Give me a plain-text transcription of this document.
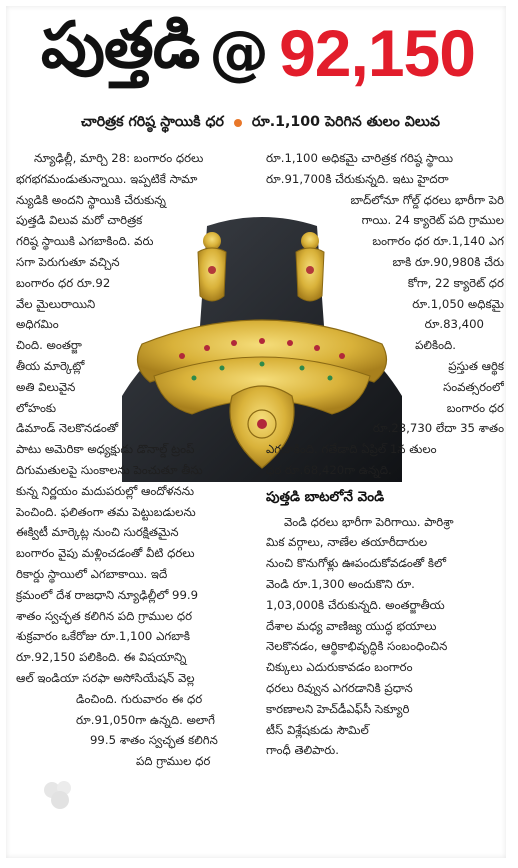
పుత్తడి @ 92,150
చారిత్రక గరిష్ఠ స్థాయికి ధర రూ.1,100 పెరిగిన తులం విలువ
న్యూఢిల్లీ, మార్చి 28: బంగారం ధరలు
భగభగమండుతున్నాయి. ఇప్పటికే సామా
న్యుడికి అందని స్థాయికి చేరుకున్న
పుత్తడి విలువ మరో చారిత్రక
గరిష్ఠ స్థాయికి ఎగబాకింది. వరు
సగా పెరుగుతూ వచ్చిన
బంగారం ధర రూ.92
వేల మైలురాయిని
అధిగమిం
చింది. అంతర్జా
తీయ మార్కెట్లో
అతి విలువైన
లోహంకు
డిమాండ్ నెలకొనడంతో
పాటు అమెరికా అధ్యక్షుడు డొనాల్డ్ ట్రంప్
దిగుమతులపై సుంకాలను పెంచుతూ తీసు
కున్న నిర్ణయం మదుపరుల్లో ఆందోళనను
పెంచింది. ఫలితంగా తమ పెట్టుబడులను
ఈక్విటీ మార్కెట్ల నుంచి సురక్షితమైన
బంగారం వైపు మళ్లించడంతో వీటి ధరలు
రికార్డు స్థాయిలో ఎగబాకాయి. ఇదే
క్రమంలో దేశ రాజధాని న్యూఢిల్లీలో 99.9
శాతం స్వచ్ఛత కలిగిన పది గ్రాముల ధర
శుక్రవారం ఒకేరోజు రూ.1,100 ఎగబాకి
రూ.92,150 పలికింది. ఈ విషయాన్ని
ఆల్ ఇండియా సరఫా అసోసియేషన్ వెల్ల
డించింది. గురువారం ఈ ధర
రూ.91,050గా ఉన్నది. అలాగే
99.5 శాతం స్వచ్ఛత కలిగిన
పది గ్రాముల ధర
రూ.1,100 అధికమై చారిత్రక గరిష్ఠ స్థాయి
రూ.91,700కి చేరుకున్నది. ఇటు హైదరా
బాద్‌లోనూ గోల్డ్ ధరలు భారీగా పెరి
గాయి. 24 క్యారెట్ పది గ్రాముల
బంగారం ధర రూ.1,140 ఎగ
బాకి రూ.90,980కి చేరు
కోగా, 22 క్యారెట్ ధర
రూ.1,050 అధికమై
రూ.83,400
పలికింది.
ప్రస్తుత ఆర్థిక
సంవత్సరంలో
బంగారం ధర
రూ.23,730 లేదా 35 శాతం
ఎగబాకింది. గతేడాది ఏప్రిల్ 1న తులం
ధర రూ.68,420గా ఉన్నది.
పుత్తడి బాటలోనే వెండి
వెండి ధరలు భారీగా పెరిగాయి. పారిశ్రా
మిక వర్గాలు, నాణేల తయారీదారుల
నుంచి కొనుగోళ్లు ఊపందుకోవడంతో కిలో
వెండి రూ.1,300 అందుకొని రూ.
1,03,000కి చేరుకున్నది. అంతర్జాతీయ
దేశాల మధ్య వాణిజ్య యుద్ధ భయాలు
నెలకొనడం, ఆర్థికాభివృద్ధికి సంబంధించిన
చిక్కులు ఎదురుకావడం బంగారం
ధరలు రివ్వున ఎగరడానికి ప్రధాన
కారణాలని హెచ్‌డీఎఫ్‌సీ సెక్యూరి
టీస్ విశ్లేషకుడు సౌమిల్
గాంధీ తెలిపారు.
